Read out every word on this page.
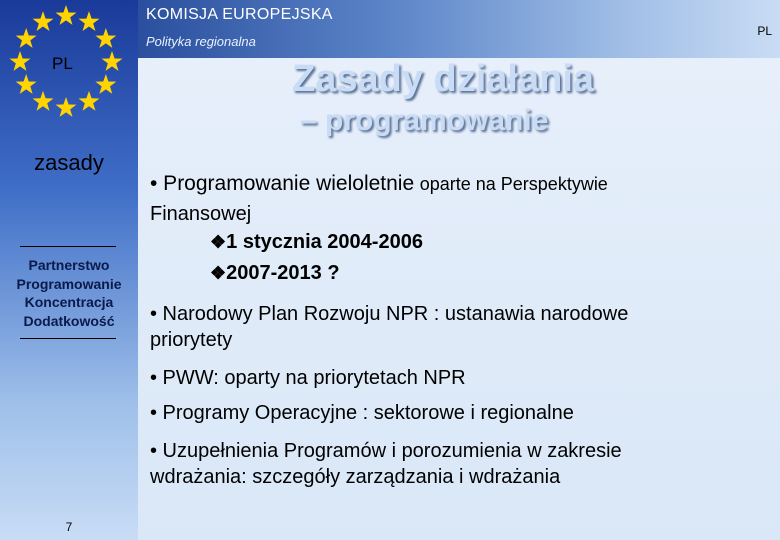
PL
KOMISJA EUROPEJSKA
Polityka regionalna
PL
Zasady działania
– programowanie
zasady
Partnerstwo
Programowanie
Koncentracja
Dodatkowość
7
• Programowanie wieloletnie oparte na Perspektywie
Finansowej
❖1 stycznia 2004-2006
❖2007-2013 ?
• Narodowy Plan Rozwoju NPR : ustanawia narodowe
priorytety
• PWW: oparty na priorytetach NPR
• Programy Operacyjne : sektorowe i regionalne
• Uzupełnienia Programów i porozumienia w zakresie
wdrażania: szczegóły zarządzania i wdrażania
